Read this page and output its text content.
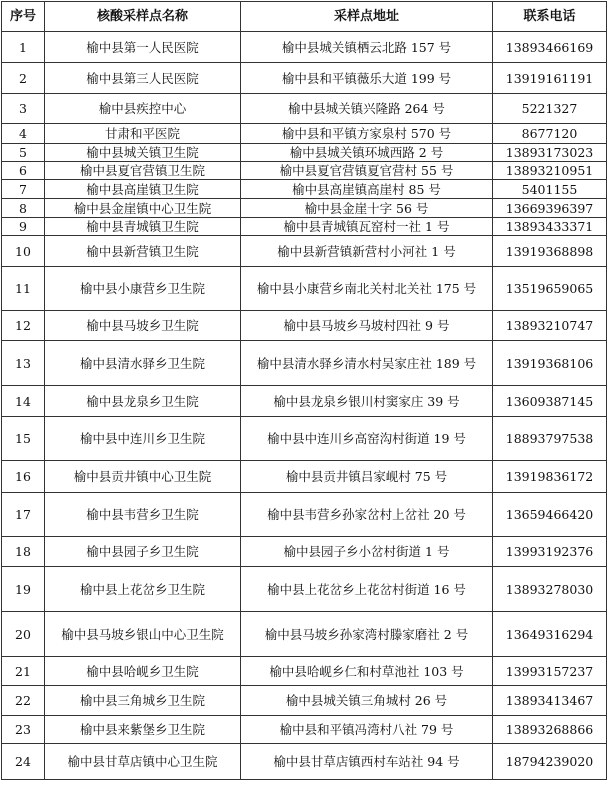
序号	核酸采样点名称	采样点地址	联系电话
1	榆中县第一人民医院	榆中县城关镇栖云北路 157 号	13893466169
2	榆中县第三人民医院	榆中县和平镇薇乐大道 199 号	13919161191
3	榆中县疾控中心	榆中县城关镇兴隆路 264 号	5221327
4	甘肃和平医院	榆中县和平镇方家泉村 570 号	8677120
5	榆中县城关镇卫生院	榆中县城关镇环城西路 2 号	13893173023
6	榆中县夏官营镇卫生院	榆中县夏官营镇夏官营村 55 号	13893210951
7	榆中县高崖镇卫生院	榆中县高崖镇高崖村 85 号	5401155
8	榆中县金崖镇中心卫生院	榆中县金崖十字 56 号	13669396397
9	榆中县青城镇卫生院	榆中县青城镇瓦窑村一社 1 号	13893433371
10	榆中县新营镇卫生院	榆中县新营镇新营村小河社 1 号	13919368898
11	榆中县小康营乡卫生院	榆中县小康营乡南北关村北关社 175 号	13519659065
12	榆中县马坡乡卫生院	榆中县马坡乡马坡村四社 9 号	13893210747
13	榆中县清水驿乡卫生院	榆中县清水驿乡清水村吴家庄社 189 号	13919368106
14	榆中县龙泉乡卫生院	榆中县龙泉乡银川村窦家庄 39 号	13609387145
15	榆中县中连川乡卫生院	榆中县中连川乡高窑沟村街道 19 号	18893797538
16	榆中县贡井镇中心卫生院	榆中县贡井镇吕家岘村 75 号	13919836172
17	榆中县韦营乡卫生院	榆中县韦营乡孙家岔村上岔社 20 号	13659466420
18	榆中县园子乡卫生院	榆中县园子乡小岔村街道 1 号	13993192376
19	榆中县上花岔乡卫生院	榆中县上花岔乡上花岔村街道 16 号	13893278030
20	榆中县马坡乡银山中心卫生院	榆中县马坡乡孙家湾村滕家磨社 2 号	13649316294
21	榆中县哈岘乡卫生院	榆中县哈岘乡仁和村草池社 103 号	13993157237
22	榆中县三角城乡卫生院	榆中县城关镇三角城村 26 号	13893413467
23	榆中县来紫堡乡卫生院	榆中县和平镇冯湾村八社 79 号	13893268866
24	榆中县甘草店镇中心卫生院	榆中县甘草店镇西村车站社 94 号	18794239020
